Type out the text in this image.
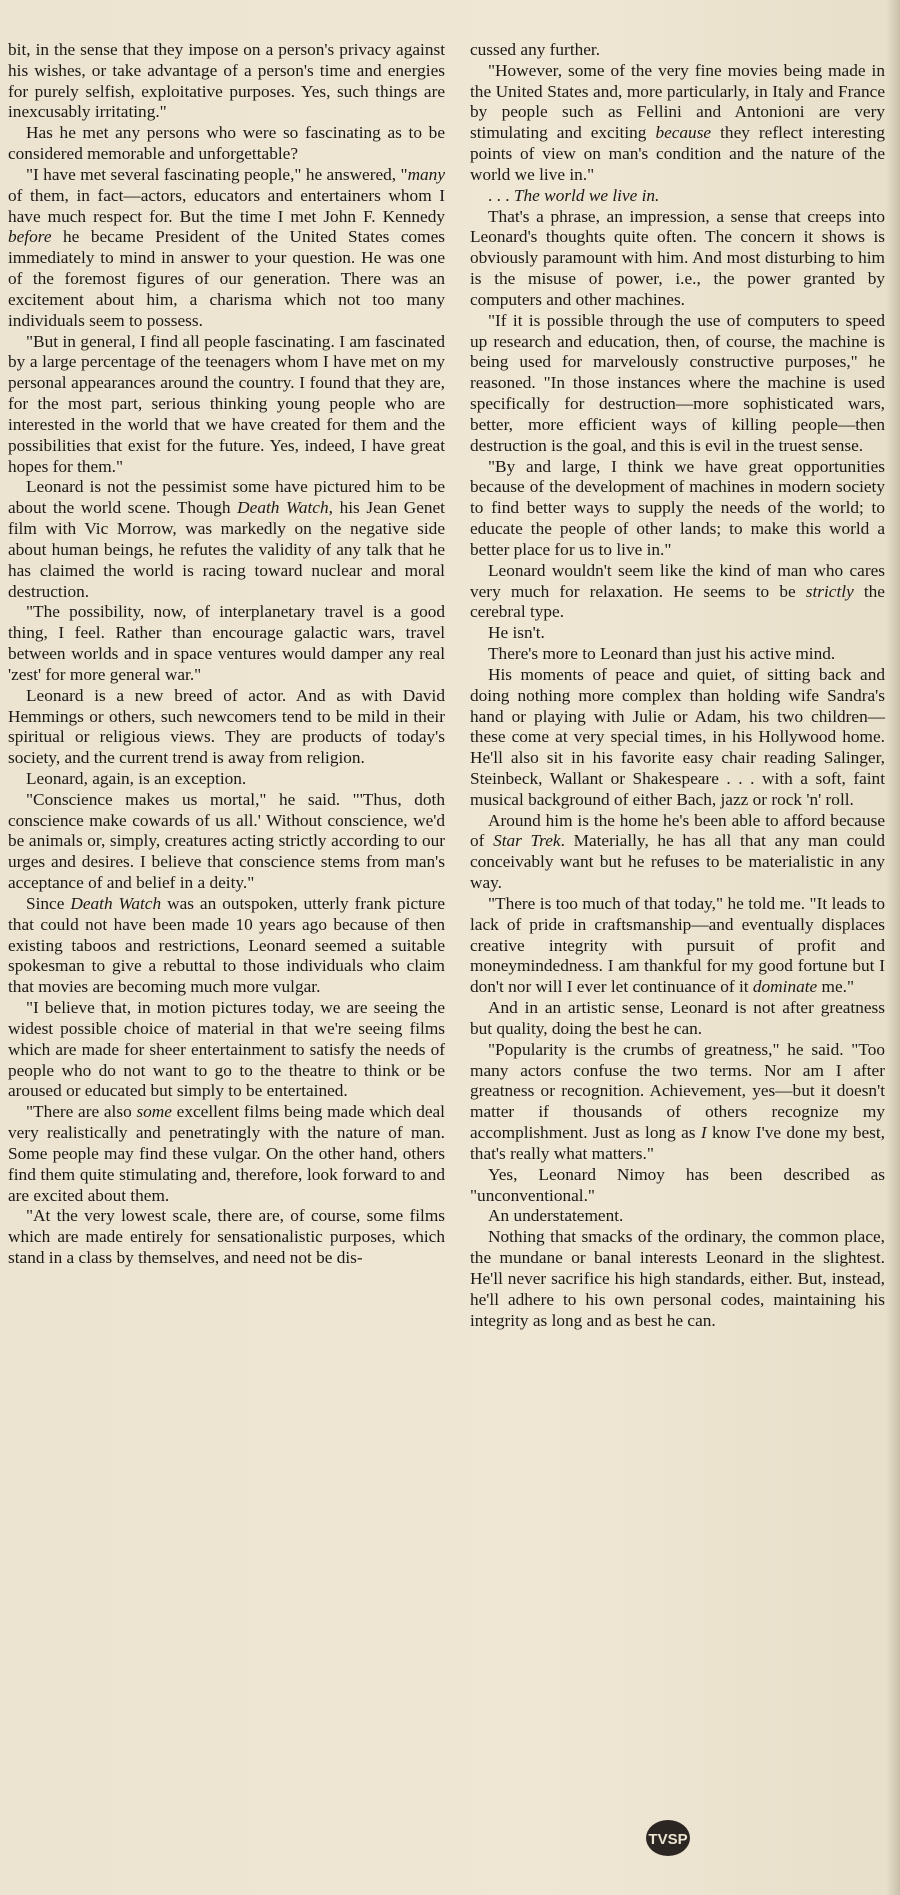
bit, in the sense that they impose on a person's privacy against his wishes, or take advantage of a person's time and energies for purely selfish, exploitative purposes. Yes, such things are inexcusably irritating."

Has he met any persons who were so fascinating as to be considered memorable and unforgettable?

"I have met several fascinating people," he answered, "many of them, in fact—actors, educators and entertainers whom I have much respect for. But the time I met John F. Kennedy before he became President of the United States comes immediately to mind in answer to your question. He was one of the foremost figures of our generation. There was an excitement about him, a charisma which not too many individuals seem to possess.

"But in general, I find all people fascinating. I am fascinated by a large percentage of the teenagers whom I have met on my personal appearances around the country. I found that they are, for the most part, serious thinking young people who are interested in the world that we have created for them and the possibilities that exist for the future. Yes, indeed, I have great hopes for them."

Leonard is not the pessimist some have pictured him to be about the world scene. Though Death Watch, his Jean Genet film with Vic Morrow, was markedly on the negative side about human beings, he refutes the validity of any talk that he has claimed the world is racing toward nuclear and moral destruction.

"The possibility, now, of interplanetary travel is a good thing, I feel. Rather than encourage galactic wars, travel between worlds and in space ventures would damper any real 'zest' for more general war."

Leonard is a new breed of actor. And as with David Hemmings or others, such newcomers tend to be mild in their spiritual or religious views. They are products of today's society, and the current trend is away from religion.

Leonard, again, is an exception.

"Conscience makes us mortal," he said. "'Thus, doth conscience make cowards of us all.' Without conscience, we'd be animals or, simply, creatures acting strictly according to our urges and desires. I believe that conscience stems from man's acceptance of and belief in a deity."

Since Death Watch was an outspoken, utterly frank picture that could not have been made 10 years ago because of then existing taboos and restrictions, Leonard seemed a suitable spokesman to give a rebuttal to those individuals who claim that movies are becoming much more vulgar.

"I believe that, in motion pictures today, we are seeing the widest possible choice of material in that we're seeing films which are made for sheer entertainment to satisfy the needs of people who do not want to go to the theatre to think or be aroused or educated but simply to be entertained.

"There are also some excellent films being made which deal very realistically and penetratingly with the nature of man. Some people may find these vulgar. On the other hand, others find them quite stimulating and, therefore, look forward to and are excited about them.

"At the very lowest scale, there are, of course, some films which are made entirely for sensationalistic purposes, which stand in a class by themselves, and need not be dis-

cussed any further.

"However, some of the very fine movies being made in the United States and, more particularly, in Italy and France by people such as Fellini and Antonioni are very stimulating and exciting because they reflect interesting points of view on man's condition and the nature of the world we live in."

. . . The world we live in.

That's a phrase, an impression, a sense that creeps into Leonard's thoughts quite often. The concern it shows is obviously paramount with him. And most disturbing to him is the misuse of power, i.e., the power granted by computers and other machines.

"If it is possible through the use of computers to speed up research and education, then, of course, the machine is being used for marvelously constructive purposes," he reasoned. "In those instances where the machine is used specifically for destruction—more sophisticated wars, better, more efficient ways of killing people—then destruction is the goal, and this is evil in the truest sense.

"By and large, I think we have great opportunities because of the development of machines in modern society to find better ways to supply the needs of the world; to educate the people of other lands; to make this world a better place for us to live in."

Leonard wouldn't seem like the kind of man who cares very much for relaxation. He seems to be strictly the cerebral type.

He isn't.

There's more to Leonard than just his active mind.

His moments of peace and quiet, of sitting back and doing nothing more complex than holding wife Sandra's hand or playing with Julie or Adam, his two children—these come at very special times, in his Hollywood home. He'll also sit in his favorite easy chair reading Salinger, Steinbeck, Wallant or Shakespeare . . . with a soft, faint musical background of either Bach, jazz or rock 'n' roll.

Around him is the home he's been able to afford because of Star Trek. Materially, he has all that any man could conceivably want but he refuses to be materialistic in any way.

"There is too much of that today," he told me. "It leads to lack of pride in craftsmanship—and eventually displaces creative integrity with pursuit of profit and moneymindedness. I am thankful for my good fortune but I don't nor will I ever let continuance of it dominate me."

And in an artistic sense, Leonard is not after greatness but quality, doing the best he can.

"Popularity is the crumbs of greatness," he said. "Too many actors confuse the two terms. Nor am I after greatness or recognition. Achievement, yes—but it doesn't matter if thousands of others recognize my accomplishment. Just as long as I know I've done my best, that's really what matters."

Yes, Leonard Nimoy has been described as "unconventional."

An understatement.

Nothing that smacks of the ordinary, the common place, the mundane or banal interests Leonard in the slightest. He'll never sacrifice his high standards, either. But, instead, he'll adhere to his own personal codes, maintaining his integrity as long and as best he can.

TVSP
